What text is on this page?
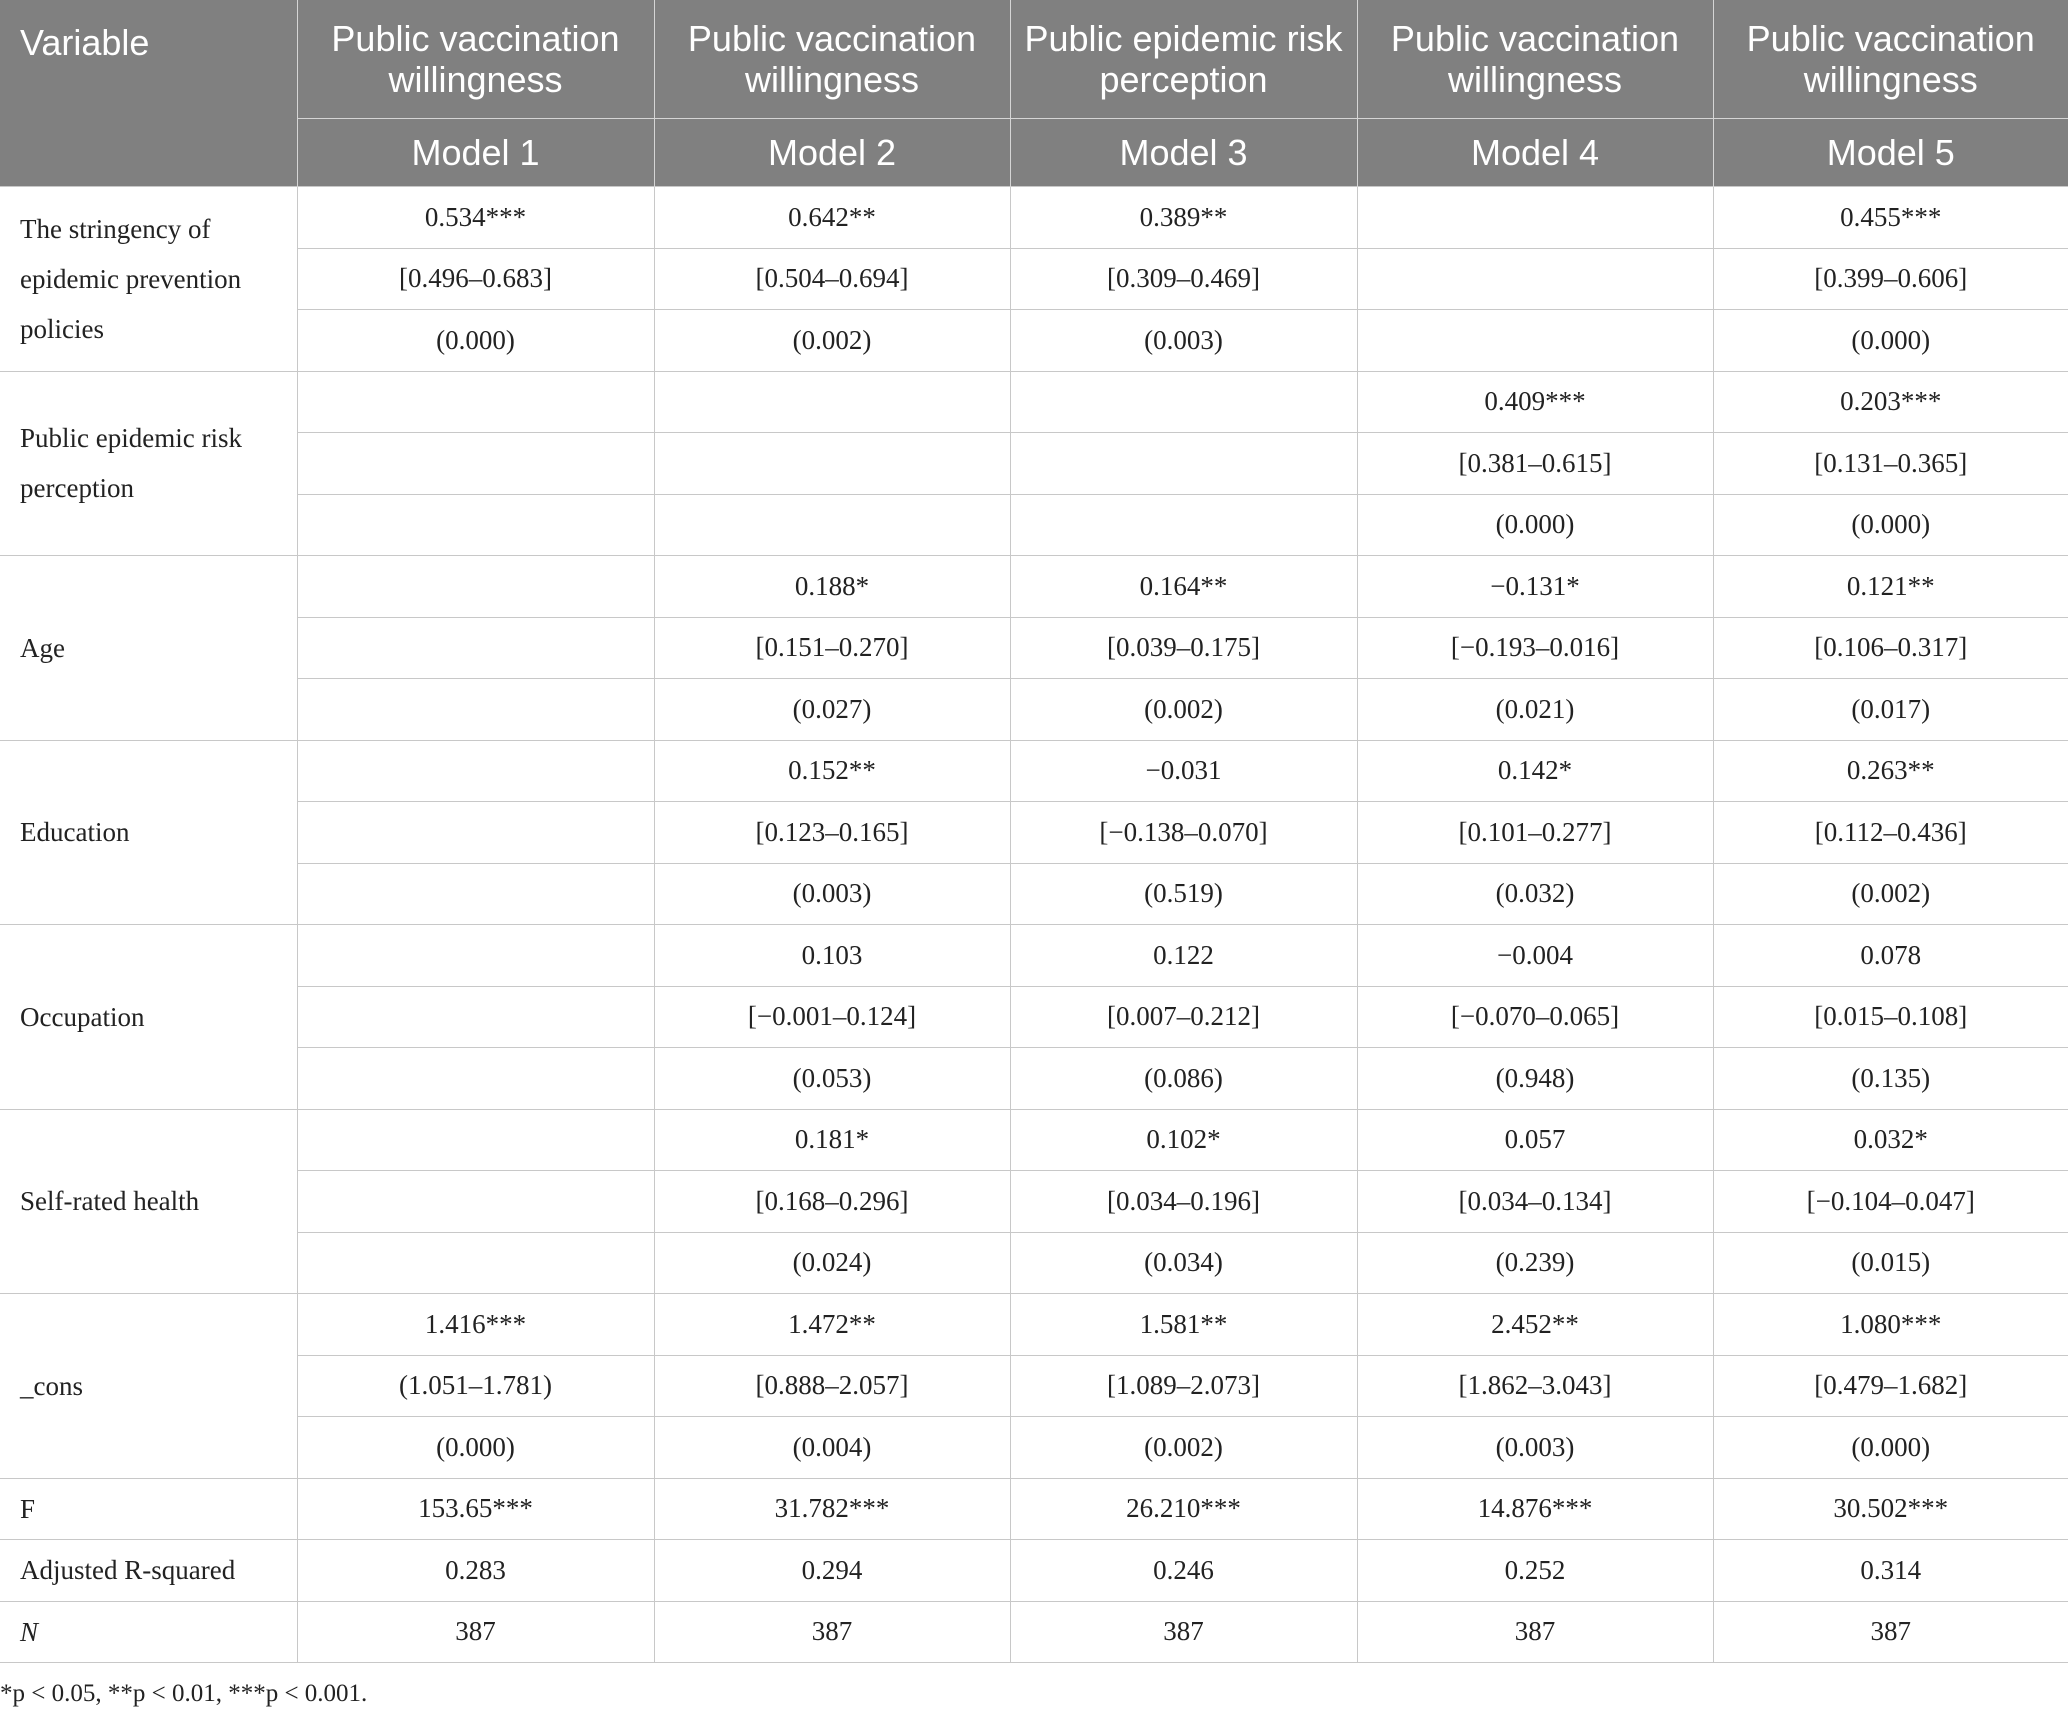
Variable	Public vaccination willingness	Public vaccination willingness	Public epidemic risk perception	Public vaccination willingness	Public vaccination willingness
	Model 1	Model 2	Model 3	Model 4	Model 5
The stringency of epidemic prevention policies	0.534***	0.642**	0.389**		0.455***
	[0.496–0.683]	[0.504–0.694]	[0.309–0.469]		[0.399–0.606]
	(0.000)	(0.002)	(0.003)		(0.000)
Public epidemic risk perception				0.409***	0.203***
				[0.381–0.615]	[0.131–0.365]
				(0.000)	(0.000)
Age		0.188*	0.164**	−0.131*	0.121**
		[0.151–0.270]	[0.039–0.175]	[−0.193–0.016]	[0.106–0.317]
		(0.027)	(0.002)	(0.021)	(0.017)
Education		0.152**	−0.031	0.142*	0.263**
		[0.123–0.165]	[−0.138–0.070]	[0.101–0.277]	[0.112–0.436]
		(0.003)	(0.519)	(0.032)	(0.002)
Occupation		0.103	0.122	−0.004	0.078
		[−0.001–0.124]	[0.007–0.212]	[−0.070–0.065]	[0.015–0.108]
		(0.053)	(0.086)	(0.948)	(0.135)
Self-rated health		0.181*	0.102*	0.057	0.032*
		[0.168–0.296]	[0.034–0.196]	[0.034–0.134]	[−0.104–0.047]
		(0.024)	(0.034)	(0.239)	(0.015)
_cons	1.416***	1.472**	1.581**	2.452**	1.080***
	(1.051–1.781)	[0.888–2.057]	[1.089–2.073]	[1.862–3.043]	[0.479–1.682]
	(0.000)	(0.004)	(0.002)	(0.003)	(0.000)
F	153.65***	31.782***	26.210***	14.876***	30.502***
Adjusted R-squared	0.283	0.294	0.246	0.252	0.314
N	387	387	387	387	387
*p < 0.05, **p < 0.01, ***p < 0.001.
